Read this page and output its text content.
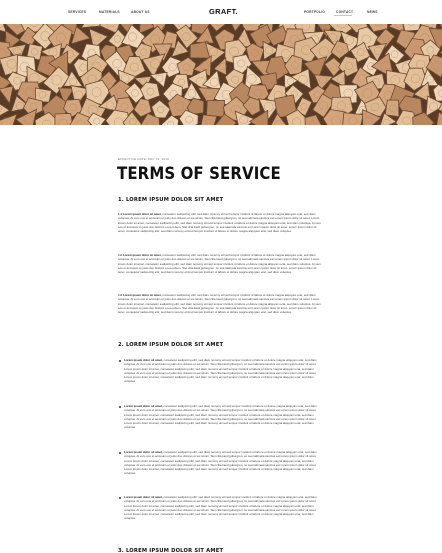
SERVICES	MATERIALS	ABOUT US	GRAFT.	PORTFOLIO	CONTACT	NEWS
EFFECTIVE DATE: MAY 31, 2018
TERMS OF SERVICE
1. LOREM IPSUM DOLOR SIT AMET
1.1 Lorem ipsum dolor sit amet, consetetur sadipscing elitr, sed diam nonumy eirmod tempor invidunt ut labore et dolore magna aliquyam erat, sed diam voluptua. At vero eos et accusam et justo duo dolores et ea rebum. Stet clita kasd gubergren, no sea takimata sanctus est Lorem ipsum dolor sit amet. Lorem ipsum dolor sit amet, consetetur sadipscing elitr, sed diam nonumy eirmod tempor invidunt ut labore et dolore magna aliquyam erat, sed diam voluptua. At vero eos et accusam et justo duo dolores et ea rebum. Stet clita kasd gubergren, no sea takimata sanctus est Lorem ipsum dolor sit amet. Lorem ipsum dolor sit amet, consetetur sadipscing elitr, sed diam nonumy eirmod tempor invidunt ut labore et dolore magna aliquyam erat, sed diam voluptua.
1.2 Lorem ipsum dolor sit amet, consetetur sadipscing elitr, sed diam nonumy eirmod tempor invidunt ut labore et dolore magna aliquyam erat, sed diam voluptua. At vero eos et accusam et justo duo dolores et ea rebum. Stet clita kasd gubergren, no sea takimata sanctus est Lorem ipsum dolor sit amet. Lorem ipsum dolor sit amet, consetetur sadipscing elitr, sed diam nonumy eirmod tempor invidunt ut labore et dolore magna aliquyam erat, sed diam voluptua. At vero eos et accusam et justo duo dolores et ea rebum. Stet clita kasd gubergren, no sea takimata sanctus est Lorem ipsum dolor sit amet. Lorem ipsum dolor sit amet, consetetur sadipscing elitr, sed diam nonumy eirmod tempor invidunt ut labore et dolore magna aliquyam erat, sed diam voluptua.
1.3 Lorem ipsum dolor sit amet, consetetur sadipscing elitr, sed diam nonumy eirmod tempor invidunt ut labore et dolore magna aliquyam erat, sed diam voluptua. At vero eos et accusam et justo duo dolores et ea rebum. Stet clita kasd gubergren, no sea takimata sanctus est Lorem ipsum dolor sit amet. Lorem ipsum dolor sit amet, consetetur sadipscing elitr, sed diam nonumy eirmod tempor invidunt ut labore et dolore magna aliquyam erat, sed diam voluptua. At vero eos et accusam et justo duo dolores et ea rebum. Stet clita kasd gubergren, no sea takimata sanctus est Lorem ipsum dolor sit amet. Lorem ipsum dolor sit amet, consetetur sadipscing elitr, sed diam nonumy eirmod tempor invidunt ut labore et dolore magna aliquyam erat, sed diam voluptua.
2. LOREM IPSUM DOLOR SIT AMET
Lorem ipsum dolor sit amet, consetetur sadipscing elitr, sed diam nonumy eirmod tempor invidunt ut labore et dolore magna aliquyam erat, sed diam voluptua. At vero eos et accusam et justo duo dolores et ea rebum. Stet clita kasd gubergren, no sea takimata sanctus est Lorem ipsum dolor sit amet. Lorem ipsum dolor sit amet, consetetur sadipscing elitr, sed diam nonumy eirmod tempor invidunt ut labore et dolore magna aliquyam erat, sed diam voluptua. At vero eos et accusam et justo duo dolores et ea rebum. Stet clita kasd gubergren, no sea takimata sanctus est Lorem ipsum dolor sit amet. Lorem ipsum dolor sit amet, consetetur sadipscing elitr, sed diam nonumy eirmod tempor invidunt ut labore et dolore magna aliquyam erat, sed diam voluptua.
Lorem ipsum dolor sit amet, consetetur sadipscing elitr, sed diam nonumy eirmod tempor invidunt ut labore et dolore magna aliquyam erat, sed diam voluptua. At vero eos et accusam et justo duo dolores et ea rebum. Stet clita kasd gubergren, no sea takimata sanctus est Lorem ipsum dolor sit amet. Lorem ipsum dolor sit amet, consetetur sadipscing elitr, sed diam nonumy eirmod tempor invidunt ut labore et dolore magna aliquyam erat, sed diam voluptua. At vero eos et accusam et justo duo dolores et ea rebum. Stet clita kasd gubergren, no sea takimata sanctus est Lorem ipsum dolor sit amet. Lorem ipsum dolor sit amet, consetetur sadipscing elitr, sed diam nonumy eirmod tempor invidunt ut labore et dolore magna aliquyam erat, sed diam voluptua.
Lorem ipsum dolor sit amet, consetetur sadipscing elitr, sed diam nonumy eirmod tempor invidunt ut labore et dolore magna aliquyam erat, sed diam voluptua. At vero eos et accusam et justo duo dolores et ea rebum. Stet clita kasd gubergren, no sea takimata sanctus est Lorem ipsum dolor sit amet. Lorem ipsum dolor sit amet, consetetur sadipscing elitr, sed diam nonumy eirmod tempor invidunt ut labore et dolore magna aliquyam erat, sed diam voluptua. At vero eos et accusam et justo duo dolores et ea rebum. Stet clita kasd gubergren, no sea takimata sanctus est Lorem ipsum dolor sit amet. Lorem ipsum dolor sit amet, consetetur sadipscing elitr, sed diam nonumy eirmod tempor invidunt ut labore et dolore magna aliquyam erat, sed diam voluptua.
Lorem ipsum dolor sit amet, consetetur sadipscing elitr, sed diam nonumy eirmod tempor invidunt ut labore et dolore magna aliquyam erat, sed diam voluptua. At vero eos et accusam et justo duo dolores et ea rebum. Stet clita kasd gubergren, no sea takimata sanctus est Lorem ipsum dolor sit amet. Lorem ipsum dolor sit amet, consetetur sadipscing elitr, sed diam nonumy eirmod tempor invidunt ut labore et dolore magna aliquyam erat, sed diam voluptua. At vero eos et accusam et justo duo dolores et ea rebum. Stet clita kasd gubergren, no sea takimata sanctus est Lorem ipsum dolor sit amet. Lorem ipsum dolor sit amet, consetetur sadipscing elitr, sed diam nonumy eirmod tempor invidunt ut labore et dolore magna aliquyam erat, sed diam voluptua.
3. LOREM IPSUM DOLOR SIT AMET
